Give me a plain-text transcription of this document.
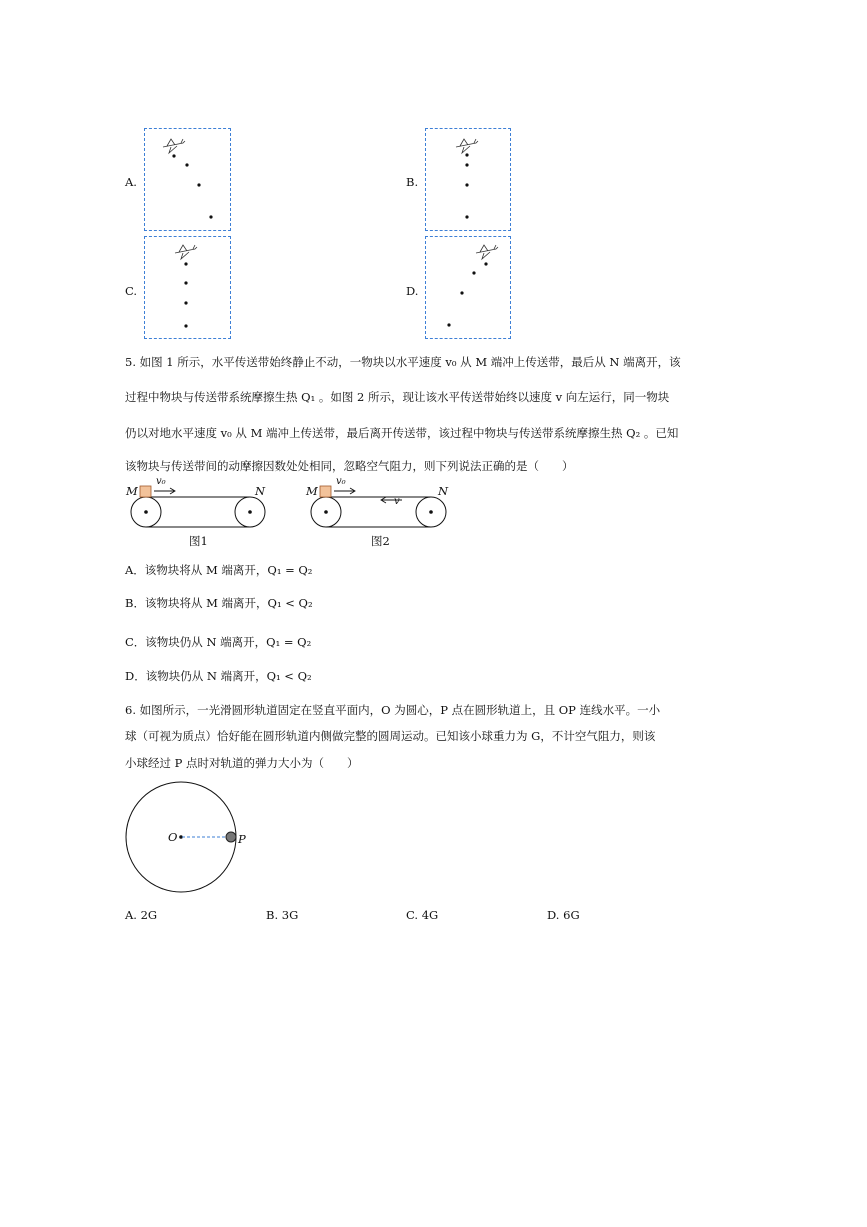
A.	B.
C.	D.
5. 如图 1 所示，水平传送带始终静止不动，一物块以水平速度 v₀ 从 M 端冲上传送带，最后从 N 端离开，该
过程中物块与传送带系统摩擦生热 Q₁ 。如图 2 所示，现让该水平传送带始终以速度 v 向左运行，同一物块
仍以对地水平速度 v₀ 从 M 端冲上传送带，最后离开传送带，该过程中物块与传送带系统摩擦生热 Q₂ 。已知
该物块与传送带间的动摩擦因数处处相同，忽略空气阻力，则下列说法正确的是（　　）
M
v₀
N
图1
M
v₀
v
N
图2
A．该物块将从 M 端离开，Q₁ = Q₂
B．该物块将从 M 端离开，Q₁ < Q₂
C．该物块仍从 N 端离开，Q₁ = Q₂
D．该物块仍从 N 端离开，Q₁ < Q₂
6. 如图所示，一光滑圆形轨道固定在竖直平面内，O 为圆心，P 点在圆形轨道上，且 OP 连线水平。一小
球（可视为质点）恰好能在圆形轨道内侧做完整的圆周运动。已知该小球重力为 G，不计空气阻力，则该
小球经过 P 点时对轨道的弹力大小为（　　）
O	P
A. 2G	B. 3G	C. 4G	D. 6G
